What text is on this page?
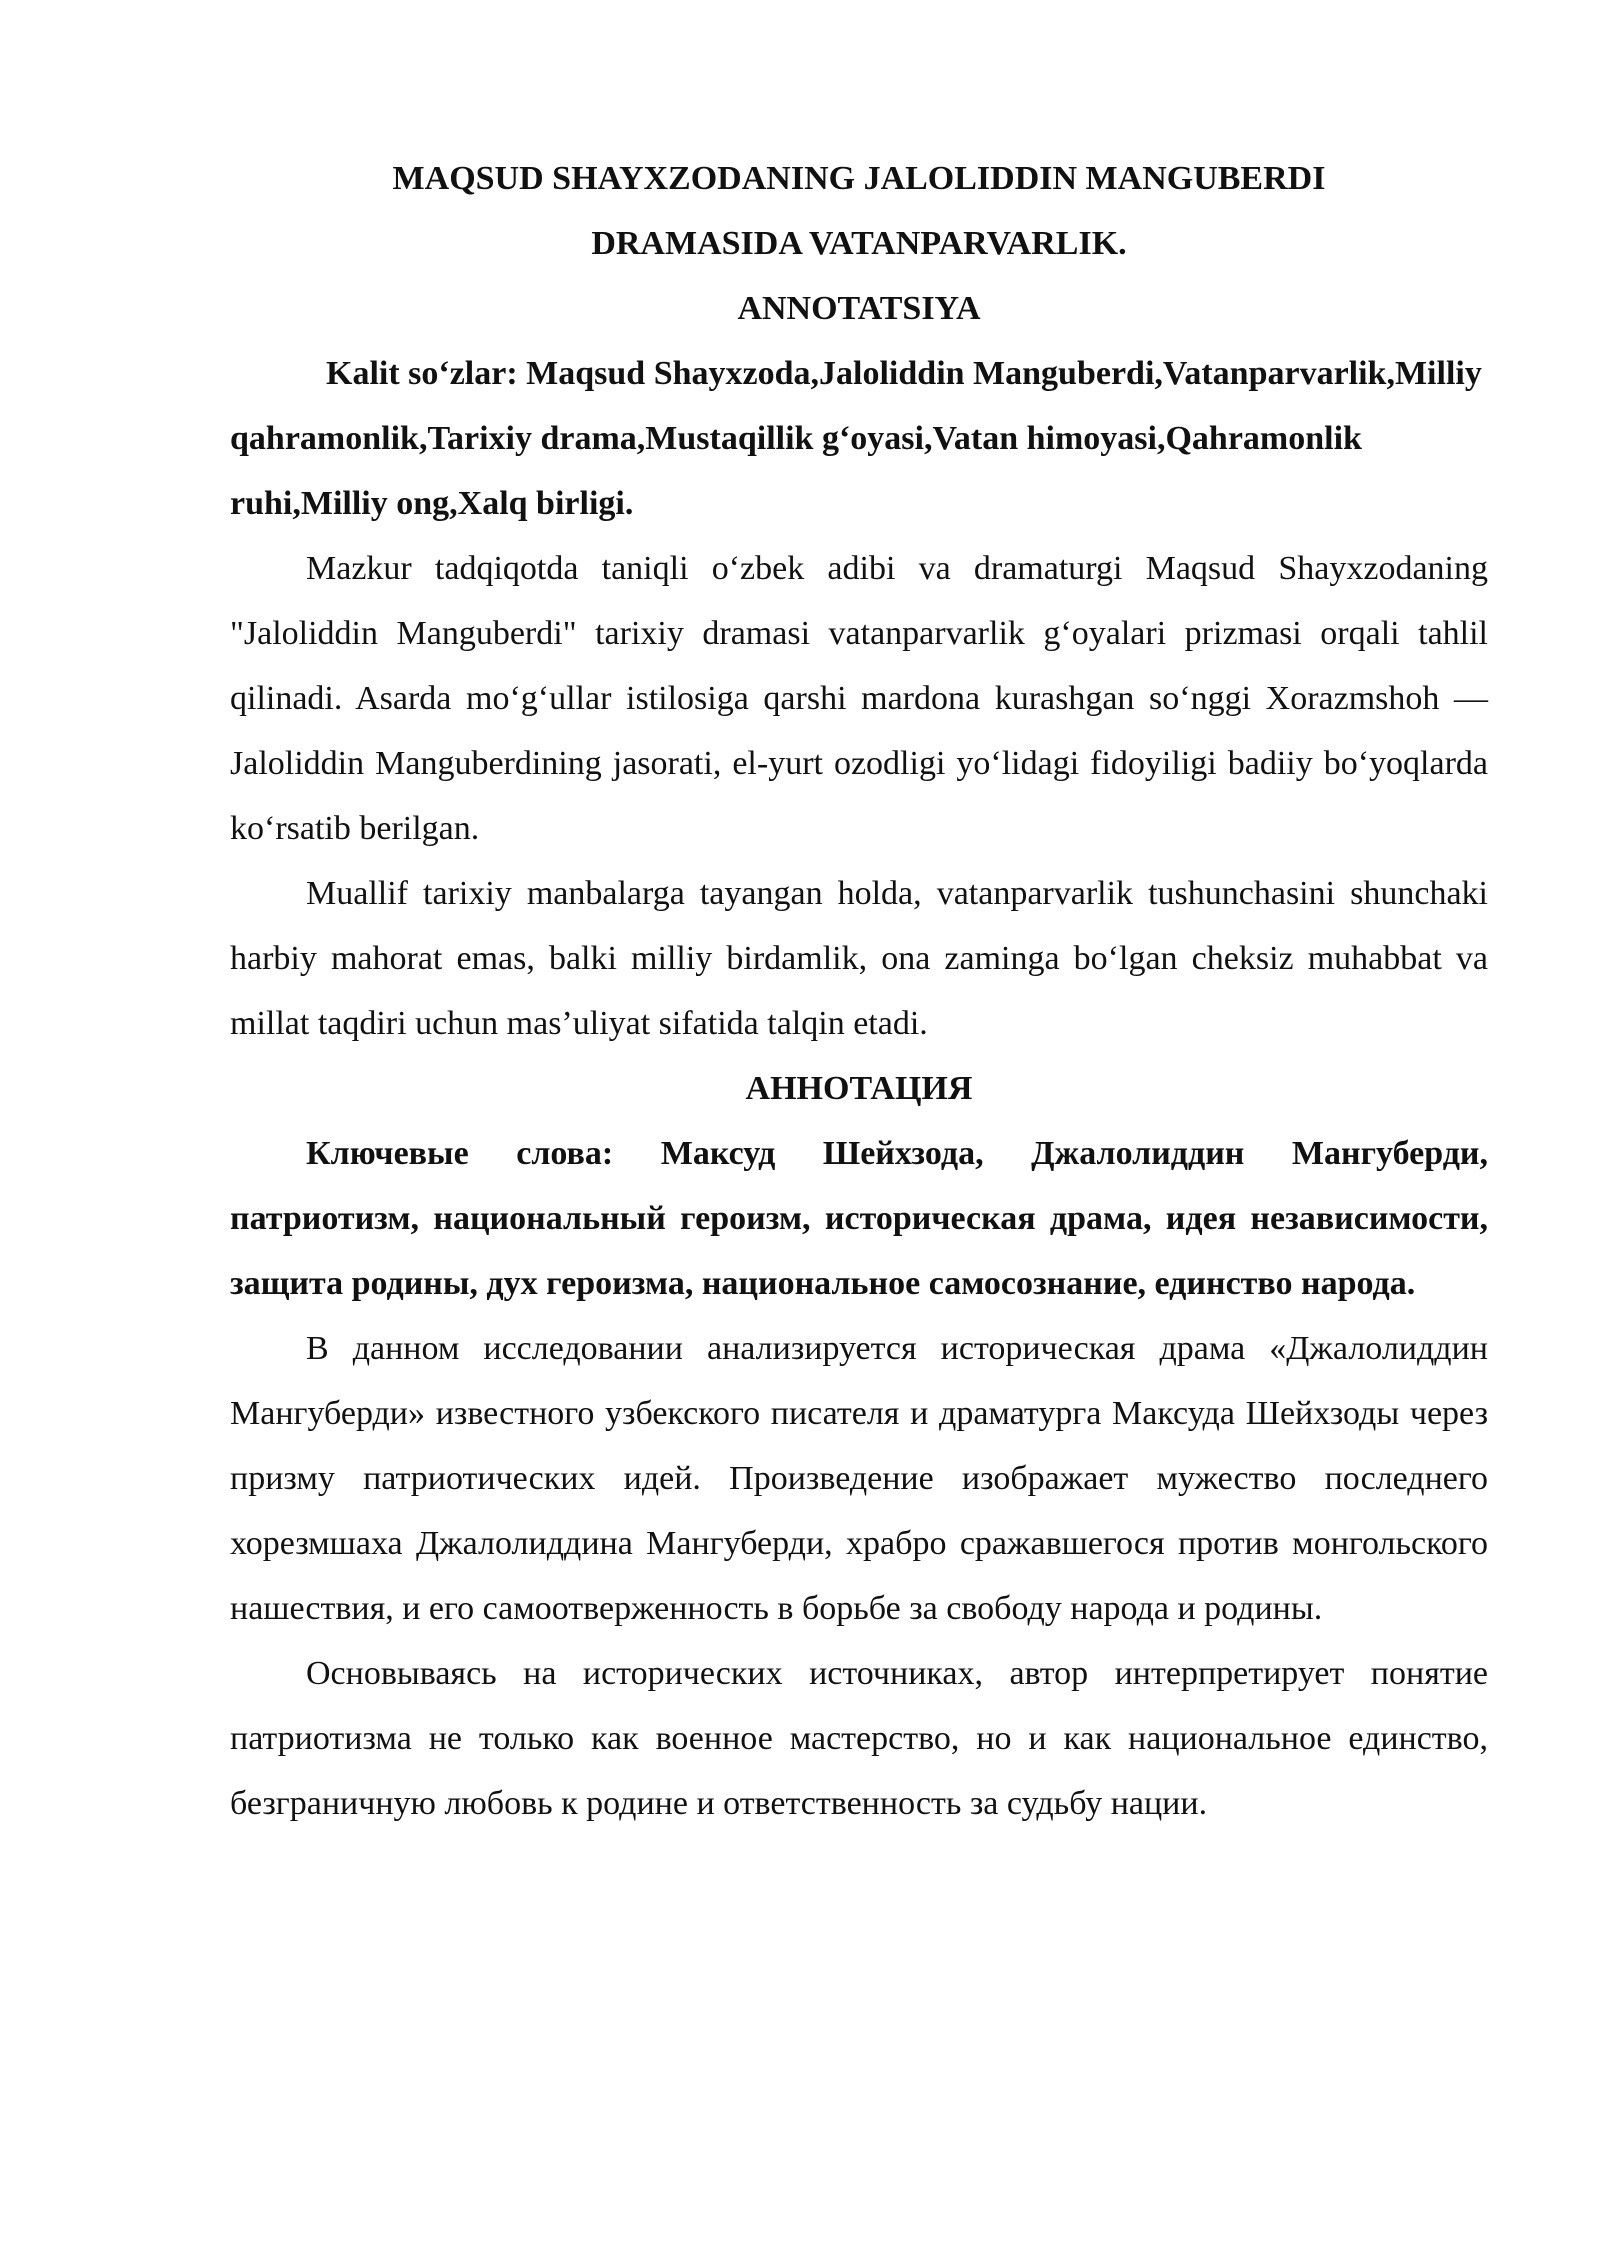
MAQSUD SHAYXZODANING JALOLIDDIN MANGUBERDI

DRAMASIDA VATANPARVARLIK.

ANNOTATSIYA

Kalit so‘zlar: Maqsud Shayxzoda,Jaloliddin Manguberdi,Vatanparvarlik,Milliy qahramonlik,Tarixiy drama,Mustaqillik g‘oyasi,Vatan himoyasi,Qahramonlik ruhi,Milliy ong,Xalq birligi.

Mazkur tadqiqotda taniqli o‘zbek adibi va dramaturgi Maqsud Shayxzodaning "Jaloliddin Manguberdi" tarixiy dramasi vatanparvarlik g‘oyalari prizmasi orqali tahlil qilinadi. Asarda mo‘g‘ullar istilosiga qarshi mardona kurashgan so‘nggi Xorazmshoh — Jaloliddin Manguberdining jasorati, el-yurt ozodligi yo‘lidagi fidoyiligi badiiy bo‘yoqlarda ko‘rsatib berilgan.

Muallif tarixiy manbalarga tayangan holda, vatanparvarlik tushunchasini shunchaki harbiy mahorat emas, balki milliy birdamlik, ona zaminga bo‘lgan cheksiz muhabbat va millat taqdiri uchun mas’uliyat sifatida talqin etadi.

АННОТАЦИЯ

Ключевые слова: Максуд Шейхзода, Джалолиддин Мангуберди, патриотизм, национальный героизм, историческая драма, идея независимости, защита родины, дух героизма, национальное самосознание, единство народа.

В данном исследовании анализируется историческая драма «Джалолиддин Мангуберди» известного узбекского писателя и драматурга Максуда Шейхзоды через призму патриотических идей. Произведение изображает мужество последнего хорезмшаха Джалолиддина Мангуберди, храбро сражавшегося против монгольского нашествия, и его самоотверженность в борьбе за свободу народа и родины.

Основываясь на исторических источниках, автор интерпретирует понятие патриотизма не только как военное мастерство, но и как национальное единство, безграничную любовь к родине и ответственность за судьбу нации.
